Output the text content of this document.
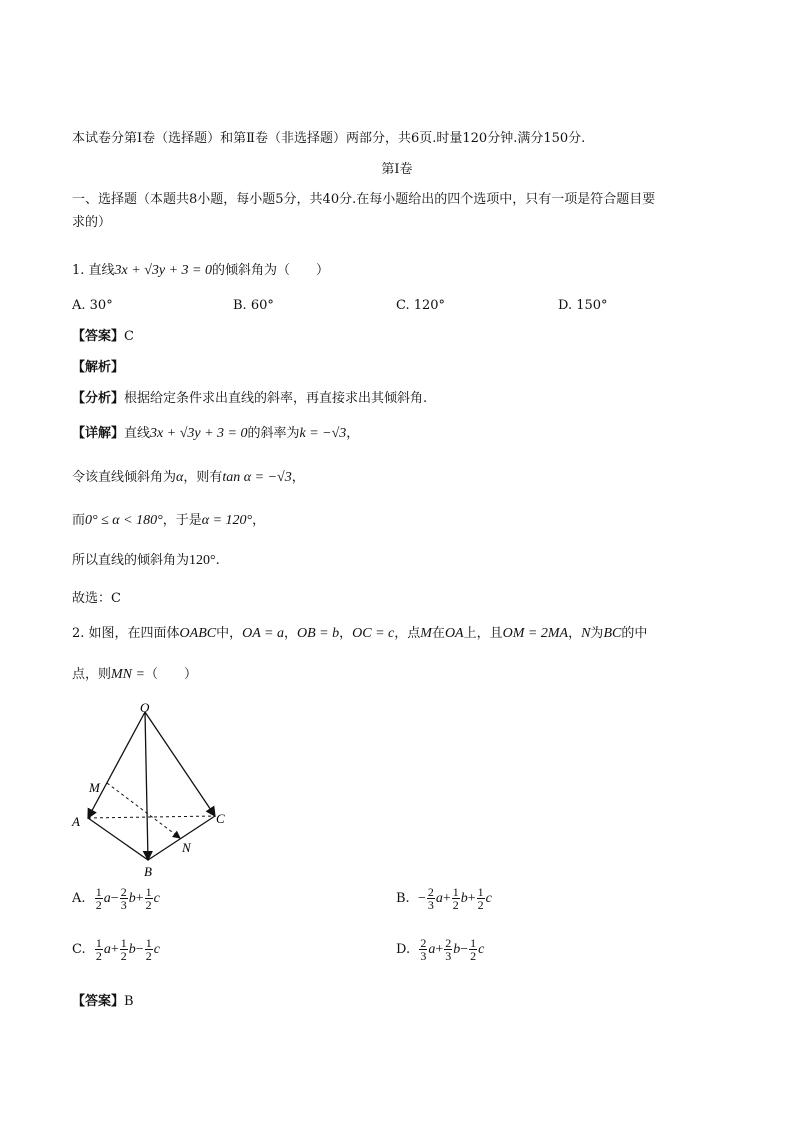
本试卷分第Ⅰ卷（选择题）和第Ⅱ卷（非选择题）两部分，共6页.时量120分钟.满分150分.
第Ⅰ卷
一、选择题（本题共8小题，每小题5分，共40分.在每小题给出的四个选项中，只有一项是符合题目要
求的）
1. 直线3x + √3y + 3 = 0的倾斜角为（　　）
A. 30°	B. 60°	C. 120°	D. 150°
【答案】C
【解析】
【分析】根据给定条件求出直线的斜率，再直接求出其倾斜角.
【详解】直线3x + √3y + 3 = 0的斜率为k = −√3，
令该直线倾斜角为α，则有tan α = −√3，
而0° ≤ α < 180°，于是α = 120°，
所以直线的倾斜角为120°.
故选：C
2. 如图，在四面体OABC中，OA = a，OB = b，OC = c，点M在OA上，且OM = 2MA，N为BC的中
点，则MN =（　　）
O
M
A	C
N
B
A. $\frac{1}{2} a- \frac{2}{3} b+ \frac{1}{2}$ c	B. − $\frac{2}{3} a+ \frac{1}{2} b+ \frac{1}{2}$ c
C. $\frac{1}{2} a+ \frac{1}{2} b- \frac{1}{2}$ c	D. $\frac{2}{3} a+ \frac{2}{3} b- \frac{1}{2}$ c
【答案】B
